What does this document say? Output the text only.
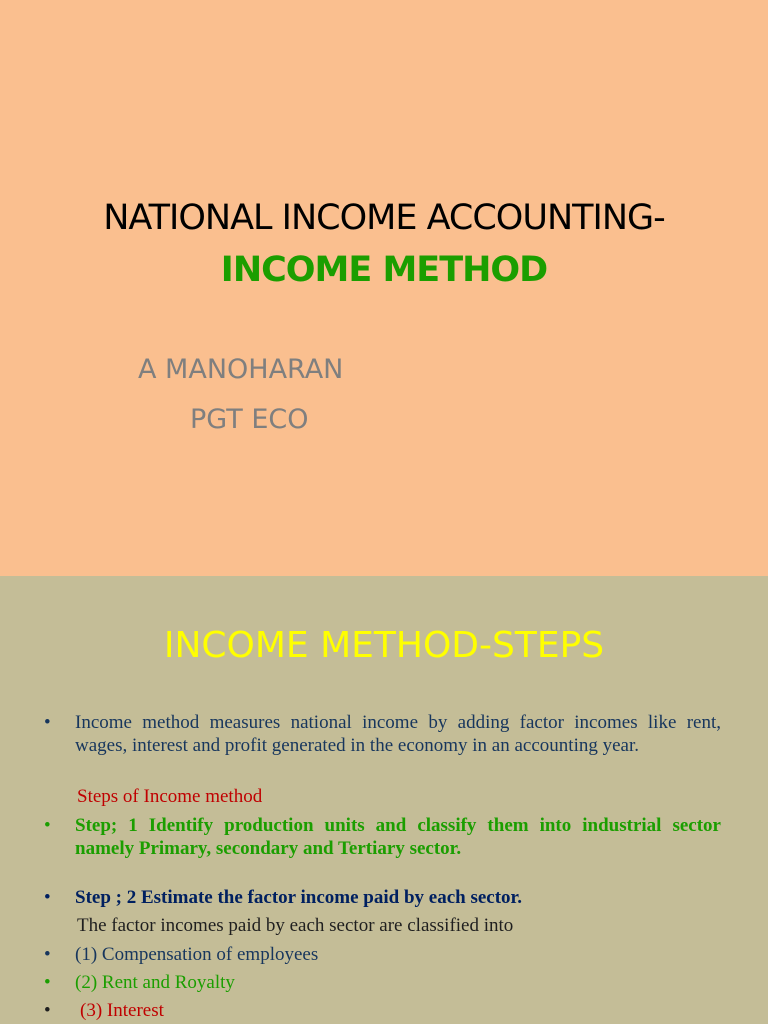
NATIONAL INCOME ACCOUNTING-
INCOME METHOD
A MANOHARAN
PGT ECO
INCOME METHOD-STEPS
• Income method measures national income by adding factor incomes like rent, wages, interest and profit generated in the economy in an accounting year.
Steps of Income method
• Step; 1 Identify production units and classify them into industrial sector namely Primary, secondary and Tertiary sector.
• Step ; 2 Estimate the factor income paid by each sector.
The factor incomes paid by each sector are classified into
• (1) Compensation of employees
• (2) Rent and Royalty
• (3) Interest
